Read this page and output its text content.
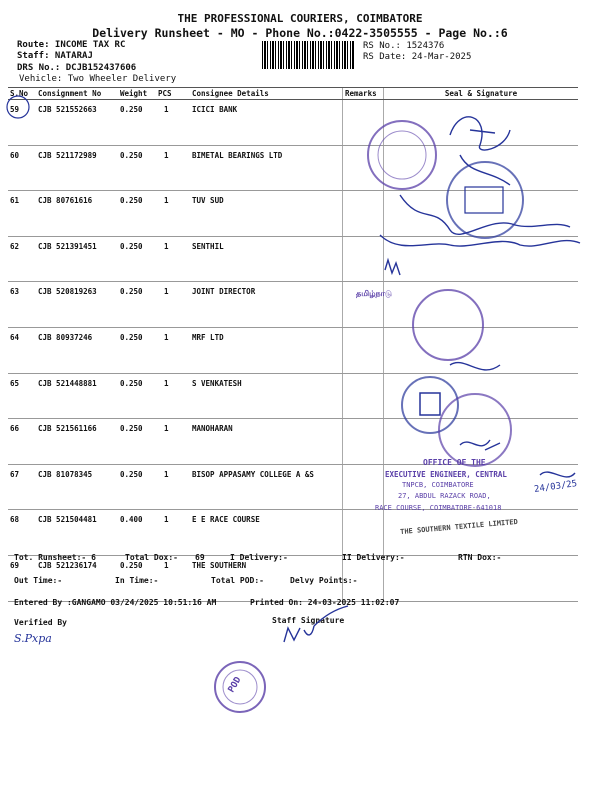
THE PROFESSIONAL COURIERS, COIMBATORE
Delivery Runsheet - MO - Phone No.:0422-3505555 - Page No.:6
Route: INCOME TAX RC
Staff: NATARAJ
DRS No.: DCJB152437606
Vehicle: Two Wheeler Delivery
RS No.: 1524376
RS Date: 24-Mar-2025
S.No	Consignment No	Weight	PCS	Consignee Details	Remarks	Seal & Signature
59	CJB 521552663	0.250	1	ICICI BANK		
60	CJB 521172989	0.250	1	BIMETAL BEARINGS LTD		
61	CJB 80761616	0.250	1	TUV SUD		
62	CJB 521391451	0.250	1	SENTHIL		
63	CJB 520819263	0.250	1	JOINT DIRECTOR		
64	CJB 80937246	0.250	1	MRF LTD		
65	CJB 521448881	0.250	1	S VENKATESH		
66	CJB 521561166	0.250	1	MANOHARAN		
67	CJB 81078345	0.250	1	BISOP APPASAMY COLLEGE A &S		
68	CJB 521504481	0.400	1	E E RACE COURSE		
69	CJB 521236174	0.250	1	THE SOUTHERN		
தமிழ்நாடு
OFFICE OF THE
EXECUTIVE ENGINEER, CENTRAL
TNPCB, COIMBATORE
27, ABDUL RAZACK ROAD,
RACE COURSE, COIMBATORE-641018
THE SOUTHERN TEXTILE LIMITED
24/03/25
Tot. Runsheet:- 6	Total Dox:- 69	I Delivery:-	II Delivery:-	RTN Dox:-
Out Time:-	In Time:-	Total POD:-	Delvy Points:-
Entered By :GANGAMO 03/24/2025 10:51:16 AM	Printed On: 24-03-2025 11:02:07
Verified By	Staff Signature
S.Pxpa
POD
